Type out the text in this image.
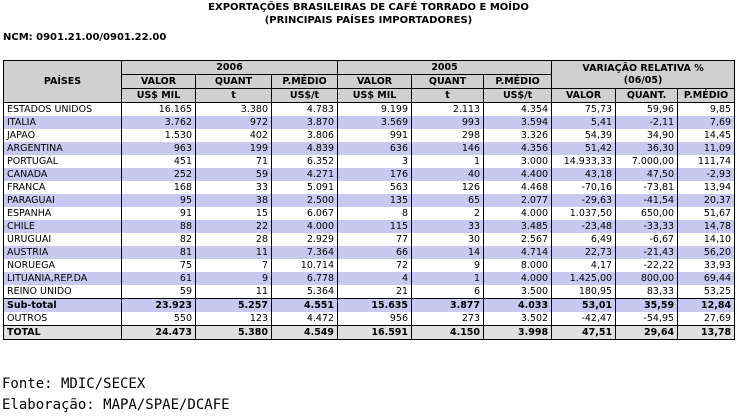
EXPORTAÇÕES BRASILEIRAS DE CAFÉ TORRADO E MOÍDO
(PRINCIPAIS PAÍSES IMPORTADORES)
NCM: 0901.21.00/0901.22.00
PAÍSES	2006			2005			VARIAÇÃO RELATIVA %
(06/05)		
	VALOR	QUANT	P.MÉDIO	VALOR	QUANT	P.MÉDIO			
	US$ MIL	t	US$/t	US$ MIL	t	US$/t	VALOR	QUANT.	P.MÉDIO
ESTADOS UNIDOS	16.165	3.380	4.783	9.199	2.113	4.354	75,73	59,96	9,85
ITALIA	3.762	972	3.870	3.569	993	3.594	5,41	-2,11	7,69
JAPAO	1.530	402	3.806	991	298	3.326	54,39	34,90	14,45
ARGENTINA	963	199	4.839	636	146	4.356	51,42	36,30	11,09
PORTUGAL	451	71	6.352	3	1	3.000	14.933,33	7.000,00	111,74
CANADA	252	59	4.271	176	40	4.400	43,18	47,50	-2,93
FRANCA	168	33	5.091	563	126	4.468	-70,16	-73,81	13,94
PARAGUAI	95	38	2.500	135	65	2.077	-29,63	-41,54	20,37
ESPANHA	91	15	6.067	8	2	4.000	1.037,50	650,00	51,67
CHILE	88	22	4.000	115	33	3.485	-23,48	-33,33	14,78
URUGUAI	82	28	2.929	77	30	2.567	6,49	-6,67	14,10
AUSTRIA	81	11	7.364	66	14	4.714	22,73	-21,43	56,20
NORUEGA	75	7	10.714	72	9	8.000	4,17	-22,22	33,93
LITUANIA,REP.DA	61	9	6.778	4	1	4.000	1.425,00	800,00	69,44
REINO UNIDO	59	11	5.364	21	6	3.500	180,95	83,33	53,25
Sub-total	23.923	5.257	4.551	15.635	3.877	4.033	53,01	35,59	12,84
OUTROS	550	123	4.472	956	273	3.502	-42,47	-54,95	27,69
TOTAL	24.473	5.380	4.549	16.591	4.150	3.998	47,51	29,64	13,78
Fonte: MDIC/SECEX
Elaboração: MAPA/SPAE/DCAFE
